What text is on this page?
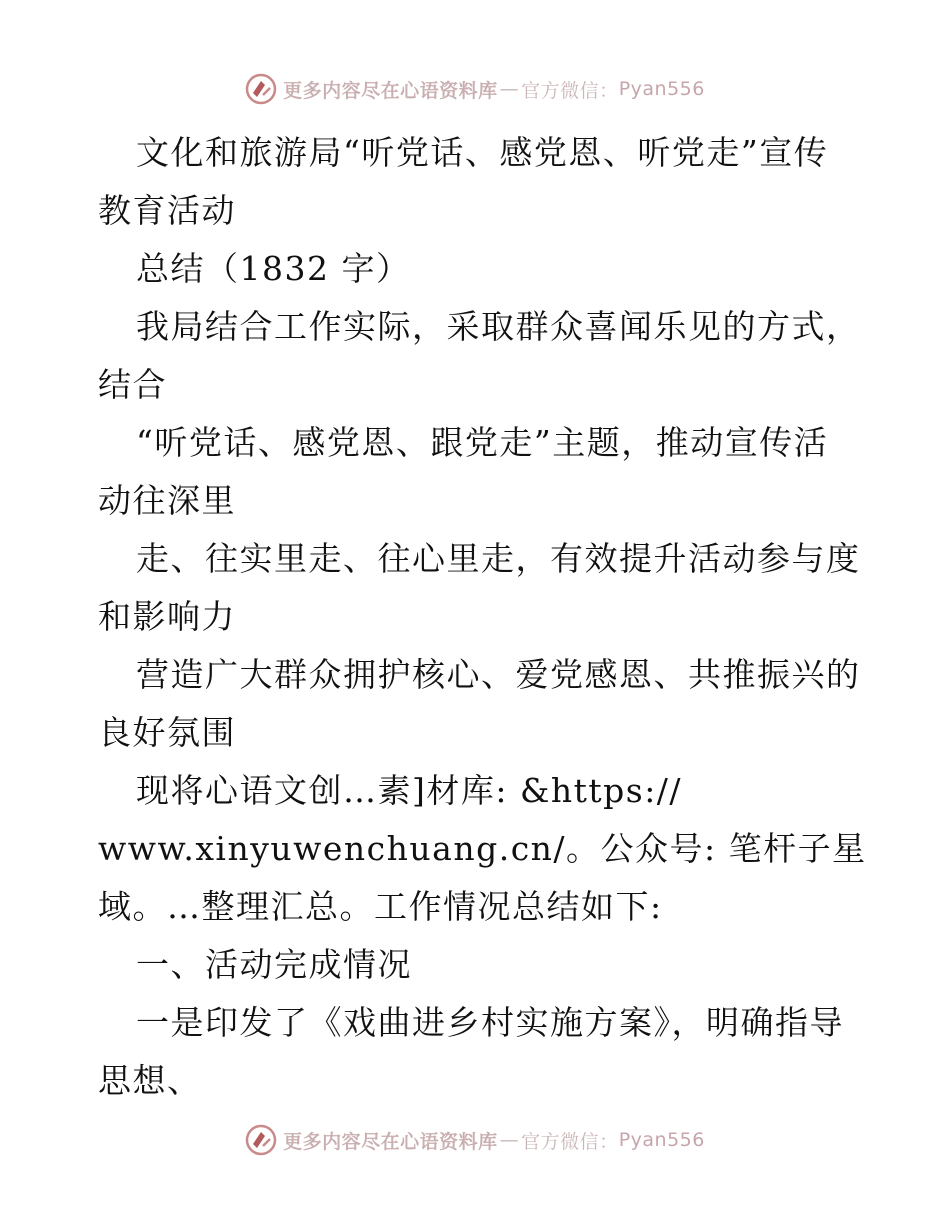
更多内容尽在心语资料库 — 官方微信： Pyan556

文化和旅游局“听党话、感党恩、听党走”宣传

教育活动

总结（1832 字）

我局结合工作实际，采取群众喜闻乐见的方式，

结合

“听党话、感党恩、跟党走”主题，推动宣传活

动往深里

走、往实里走、往心里走，有效提升活动参与度

和影响力

营造广大群众拥护核心、爱党感恩、共推振兴的

良好氛围

现将心语文创…素]材库: &https://

www.xinyuwenchuang.cn/。公众号: 笔杆子星

域。…整理汇总。工作情况总结如下:

一、活动完成情况

一是印发了《戏曲进乡村实施方案》，明确指导

思想、

更多内容尽在心语资料库 — 官方微信： Pyan556
